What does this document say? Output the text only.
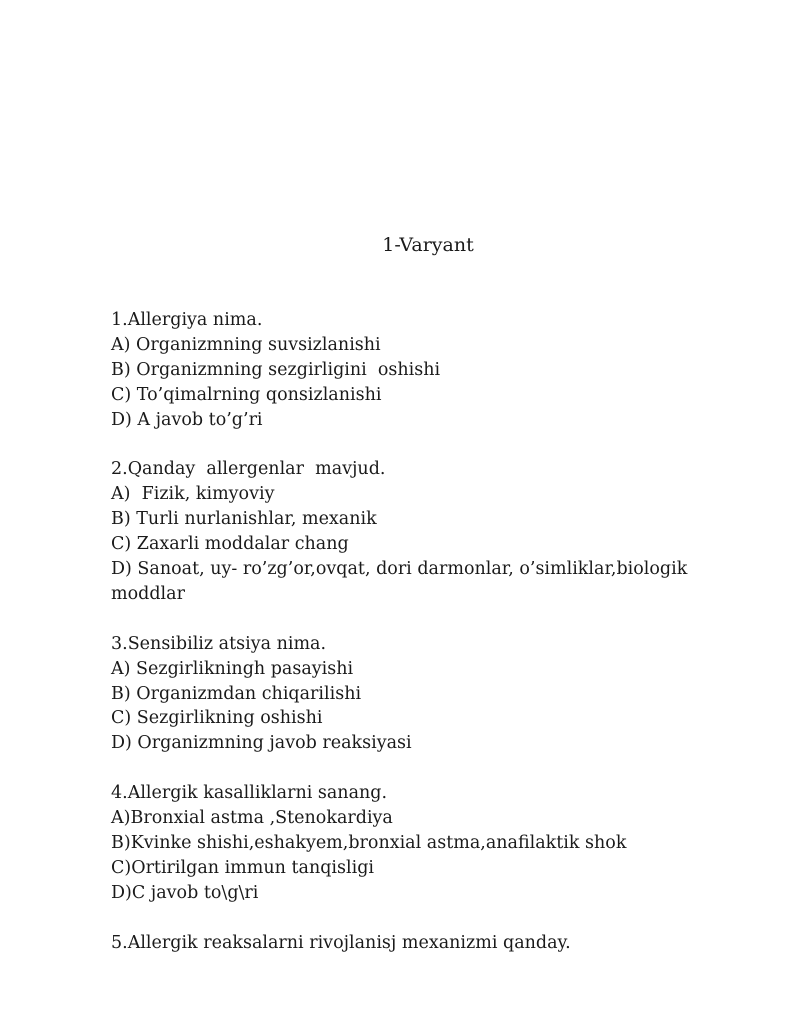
1-Varyant
1.Allergiya nima.
A) Organizmning suvsizlanishi
B) Organizmning sezgirligini  oshishi
C) To’qimalrning qonsizlanishi
D) A javob to’g’ri
2.Qanday  allergenlar  mavjud.
A)  Fizik, kimyoviy
B) Turli nurlanishlar, mexanik
C) Zaxarli moddalar chang
D) Sanoat, uy- ro’zg’or,ovqat, dori darmonlar, o’simliklar,biologik moddlar
3.Sensibiliz atsiya nima.
A) Sezgirlikningh pasayishi
B) Organizmdan chiqarilishi
C) Sezgirlikning oshishi
D) Organizmning javob reaksiyasi
4.Allergik kasalliklarni sanang.
A)Bronxial astma ,Stenokardiya
B)Kvinke shishi,eshakyem,bronxial astma,anafilaktik shok
C)Ortirilgan immun tanqisligi
D)C javob to\g\ri
5.Allergik reaksalarni rivojlanisj mexanizmi qanday.
